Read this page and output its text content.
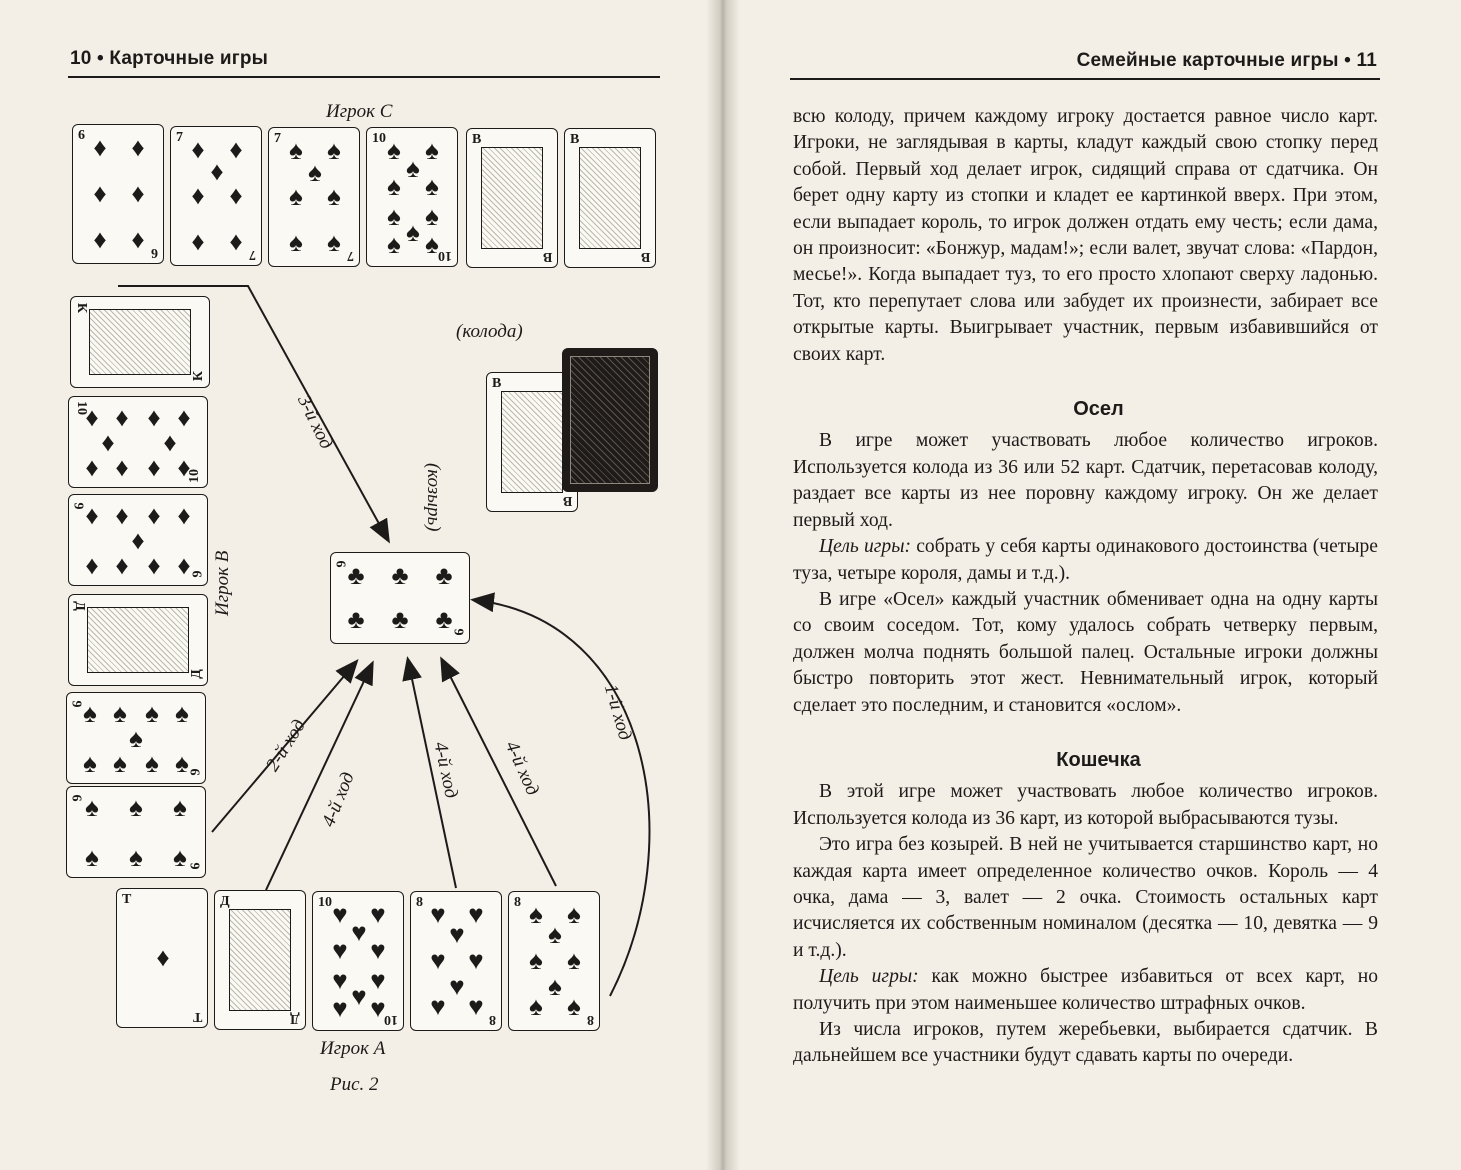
10 • Карточные игры
Игрок С
(колода)
(козырь)
Игрок В
Игрок А
Рис. 2
3-й ход
2-й ход
4-й ход	4-й ход 4-й ход
1-й ход
6
6
♦ ♦
♦ ♦
♦ ♦
7
7
♦ ♦
♦
♦ ♦
♦ ♦
7
7
♠ ♠
♠
♠ ♠
♠ ♠
10
10
♠ ♠
♠
♠ ♠
♠ ♠
♠
♠ ♠
В
В
В
В
К
К
10
10
♦ ♦ ♦ ♦
♦ ♦
♦ ♦ ♦ ♦
9
9
♦ ♦ ♦ ♦
♦
♦ ♦ ♦ ♦
Д
Д
9
9
♠ ♠ ♠ ♠
♠
♠ ♠ ♠ ♠
6
6
♠ ♠ ♠
♠ ♠ ♠
В
В
6
6
♣ ♣ ♣
♣ ♣ ♣
Т
Т
♦
Д
Д
10
10
♥ ♥
♥
♥ ♥
♥ ♥
♥
♥ ♥
8
8
♥ ♥
♥
♥ ♥
♥
♥ ♥
8
8
♠ ♠
♠
♠ ♠
♠
♠ ♠
Семейные карточные игры • 11

всю колоду, причем каждому игроку достается равное число карт. Игроки, не заглядывая в карты, кладут каждый свою стопку перед собой. Первый ход делает игрок, сидящий справа от сдатчика. Он берет одну карту из стопки и кладет ее картинкой вверх. При этом, если выпадает король, то игрок должен отдать ему честь; если дама, он произносит: «Бонжур, мадам!»; если валет, звучат слова: «Пардон, месье!». Когда выпадает туз, то его просто хлопают сверху ладонью. Тот, кто перепутает слова или забудет их произнести, забирает все открытые карты. Выигрывает участник, первым избавившийся от своих карт.

Осел

В игре может участвовать любое количество игроков. Используется колода из 36 или 52 карт. Сдатчик, перетасовав колоду, раздает все карты из нее поровну каждому игроку. Он же делает первый ход.

Цель игры: собрать у себя карты одинакового достоинства (четыре туза, четыре короля, дамы и т.д.).

В игре «Осел» каждый участник обменивает одна на одну карты со своим соседом. Тот, кому удалось собрать четверку первым, должен молча поднять большой палец. Остальные игроки должны быстро повторить этот жест. Невнимательный игрок, который сделает это последним, и становится «ослом».

Кошечка

В этой игре может участвовать любое количество игроков. Используется колода из 36 карт, из которой выбрасываются тузы.

Это игра без козырей. В ней не учитывается старшинство карт, но каждая карта имеет определенное количество очков. Король — 4 очка, дама — 3, валет — 2 очка. Стоимость остальных карт исчисляется их собственным номиналом (десятка — 10, девятка — 9 и т.д.).

Цель игры: как можно быстрее избавиться от всех карт, но получить при этом наименьшее количество штрафных очков.

Из числа игроков, путем жеребьевки, выбирается сдатчик. В дальнейшем все участники будут сдавать карты по очереди.
